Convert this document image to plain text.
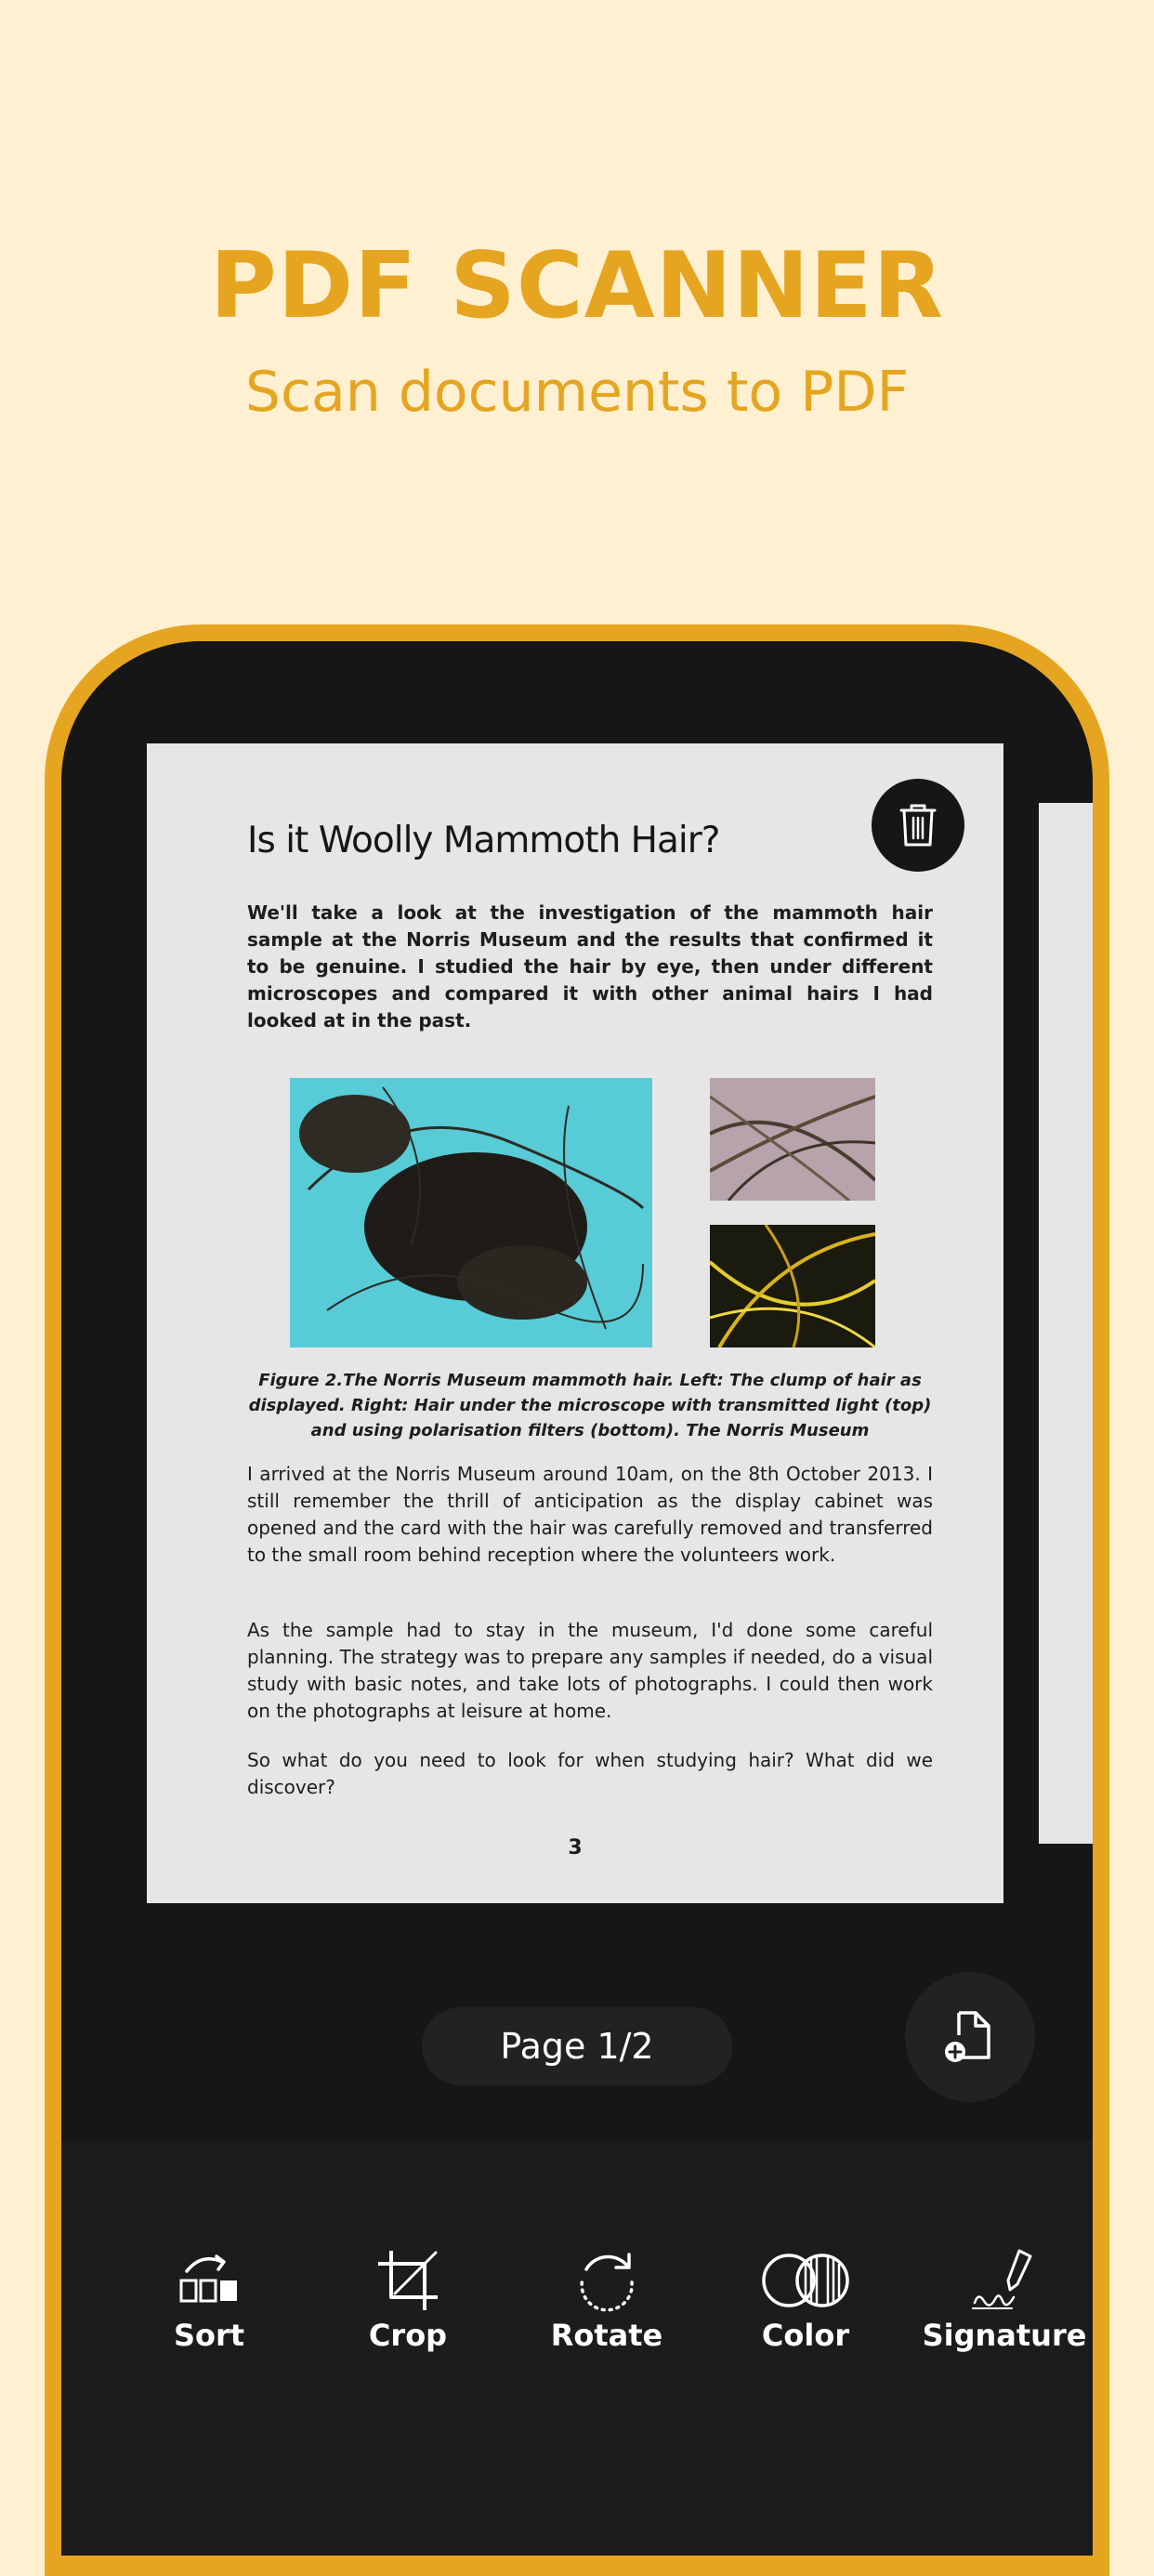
PDF SCANNER
Scan documents to PDF
Is it Woolly Mammoth Hair?
We'll take a look at the investigation of the mammoth hair sample at the Norris Museum and the results that confirmed it to be genuine. I studied the hair by eye, then under different microscopes and compared it with other animal hairs I had looked at in the past.
Figure 2.The Norris Museum mammoth hair. Left: The clump of hair as displayed. Right: Hair under the microscope with transmitted light (top) and using polarisation filters (bottom). The Norris Museum
I arrived at the Norris Museum around 10am, on the 8th October 2013. I still remember the thrill of anticipation as the display cabinet was opened and the card with the hair was carefully removed and transferred to the small room behind reception where the volunteers work.
As the sample had to stay in the museum, I'd done some careful planning. The strategy was to prepare any samples if needed, do a visual study with basic notes, and take lots of photographs. I could then work on the photographs at leisure at home.
So what do you need to look for when studying hair? What did we discover?
3
Page 1/2
Sort	Crop	Rotate	Color Signature
